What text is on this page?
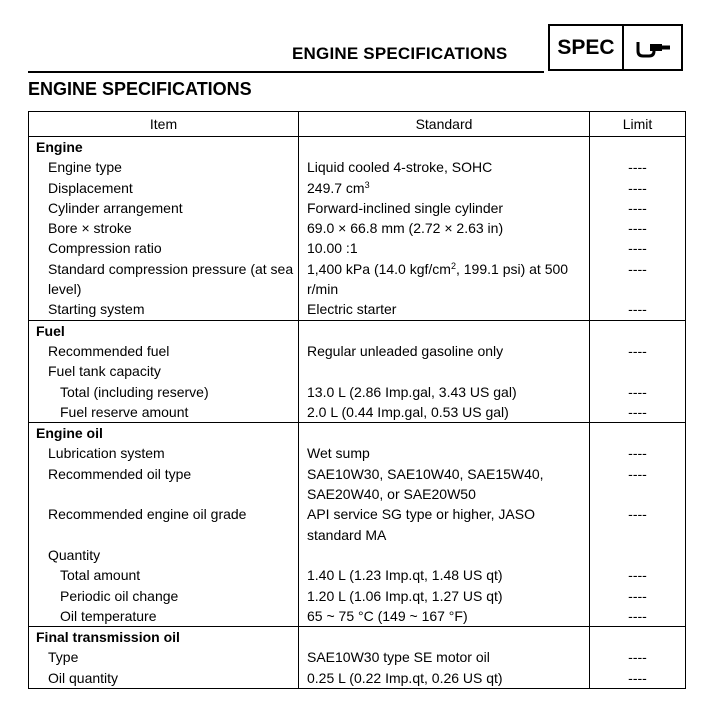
ENGINE SPECIFICATIONS	SPEC
ENGINE SPECIFICATIONS
Item	Standard	Limit
Engine		
Engine type	Liquid cooled 4-stroke, SOHC	----
Displacement	249.7 $cm^3$	----
Cylinder arrangement	Forward-inclined single cylinder	----
Bore × stroke	69.0 × 66.8 mm (2.72 × 2.63 in)	----
Compression ratio	10.00 :1	----
Standard compression pressure (at sea level)	1,400 kPa (14.0 kgf/$cm^2$, 199.1 psi) at 500 r/min	----
Starting system	Electric starter	----
Fuel		
Recommended fuel	Regular unleaded gasoline only	----
Fuel tank capacity		
Total (including reserve)	13.0 L (2.86 Imp.gal, 3.43 US gal)	----
Fuel reserve amount	2.0 L (0.44 Imp.gal, 0.53 US gal)	----
Engine oil		
Lubrication system	Wet sump	----
Recommended oil type	SAE10W30, SAE10W40, SAE15W40, SAE20W40, or SAE20W50	----
Recommended engine oil grade	API service SG type or higher, JASO standard MA	----
Quantity		
Total amount	1.40 L (1.23 Imp.qt, 1.48 US qt)	----
Periodic oil change	1.20 L (1.06 Imp.qt, 1.27 US qt)	----
Oil temperature	65 ~ 75 °C (149 ~ 167 °F)	----
Final transmission oil		
Type	SAE10W30 type SE motor oil	----
Oil quantity	0.25 L (0.22 Imp.qt, 0.26 US qt)	----
